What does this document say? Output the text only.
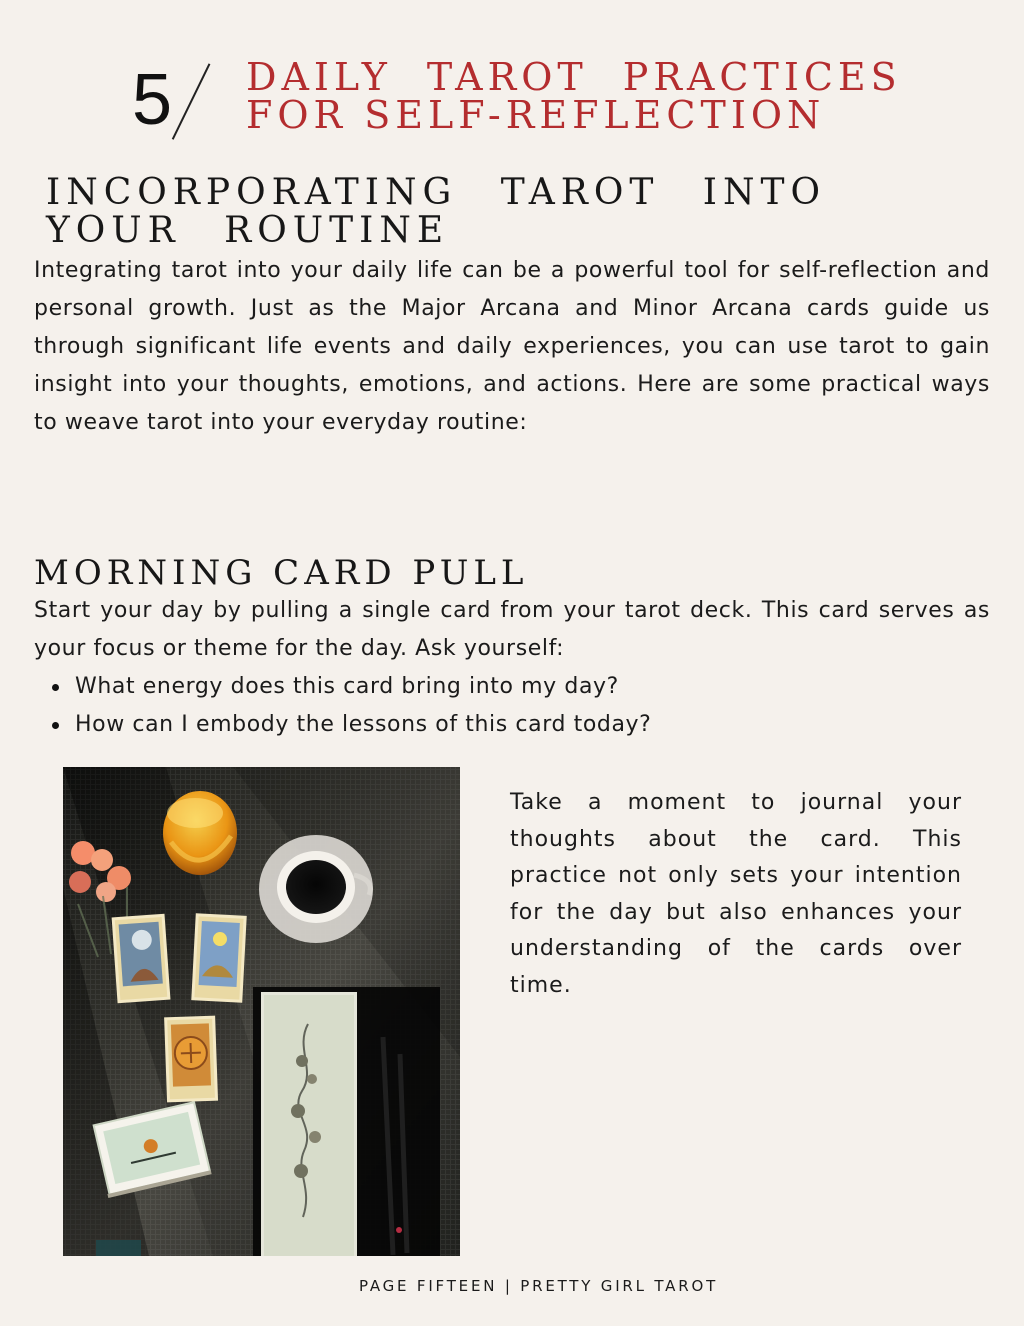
5 DAILY TAROT PRACTICES
FOR SELF-REFLECTION
INCORPORATING TAROT INTO YOUR ROUTINE

Integrating tarot into your daily life can be a powerful tool for self-reflection and personal growth. Just as the Major Arcana and Minor Arcana cards guide us through significant life events and daily experiences, you can use tarot to gain insight into your thoughts, emotions, and actions. Here are some practical ways to weave tarot into your everyday routine:

MORNING CARD PULL

Start your day by pulling a single card from your tarot deck. This card serves as your focus or theme for the day. Ask yourself:

What energy does this card bring into my day?
How can I embody the lessons of this card today?

Take a moment to journal your thoughts about the card. This practice not only sets your intention for the day but also enhances your understanding of the cards over time.

PAGE FIFTEEN | PRETTY GIRL TAROT
